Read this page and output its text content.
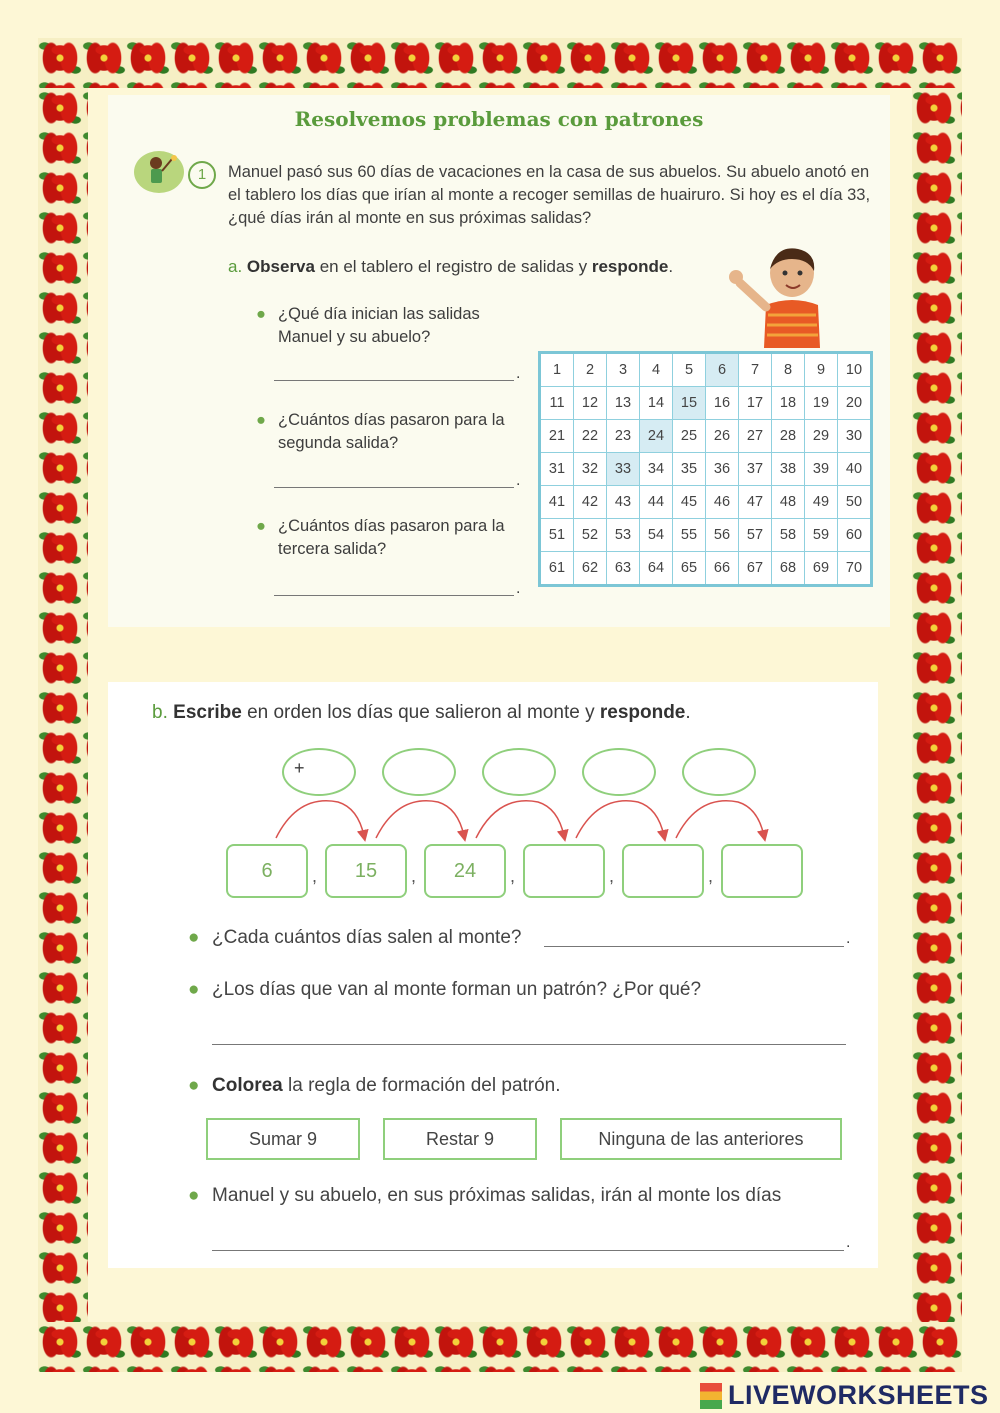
Resolvemos problemas con patrones
1	Manuel pasó sus 60 días de vacaciones en la casa de sus abuelos. Su abuelo anotó en el tablero los días que irían al monte a recoger semillas de huairuro. Si hoy es el día 33, ¿qué días irán al monte en sus próximas salidas?
a. Observa en el tablero el registro de salidas y responde.
● ¿Qué día inician las salidas Manuel y su abuelo?
.
● ¿Cuántos días pasaron para la segunda salida?
.
● ¿Cuántos días pasaron para la tercera salida?
.
1	2	3	4	5	6	7	8	9	10
11	12	13	14	15	16	17	18	19	20
21	22	23	24	25	26	27	28	29	30
31	32	33	34	35	36	37	38	39	40
41	42	43	44	45	46	47	48	49	50
51	52	53	54	55	56	57	58	59	60
61	62	63	64	65	66	67	68	69	70
b. Escribe en orden los días que salieron al monte y responde.
+
6	,	15	,	24	,	,	,
● ¿Cada cuántos días salen al monte?	.
● ¿Los días que van al monte forman un patrón? ¿Por qué?
● Colorea la regla de formación del patrón.
Sumar 9	Restar 9	Ninguna de las anteriores
● Manuel y su abuelo, en sus próximas salidas, irán al monte los días
.
LIVEWORKSHEETS
